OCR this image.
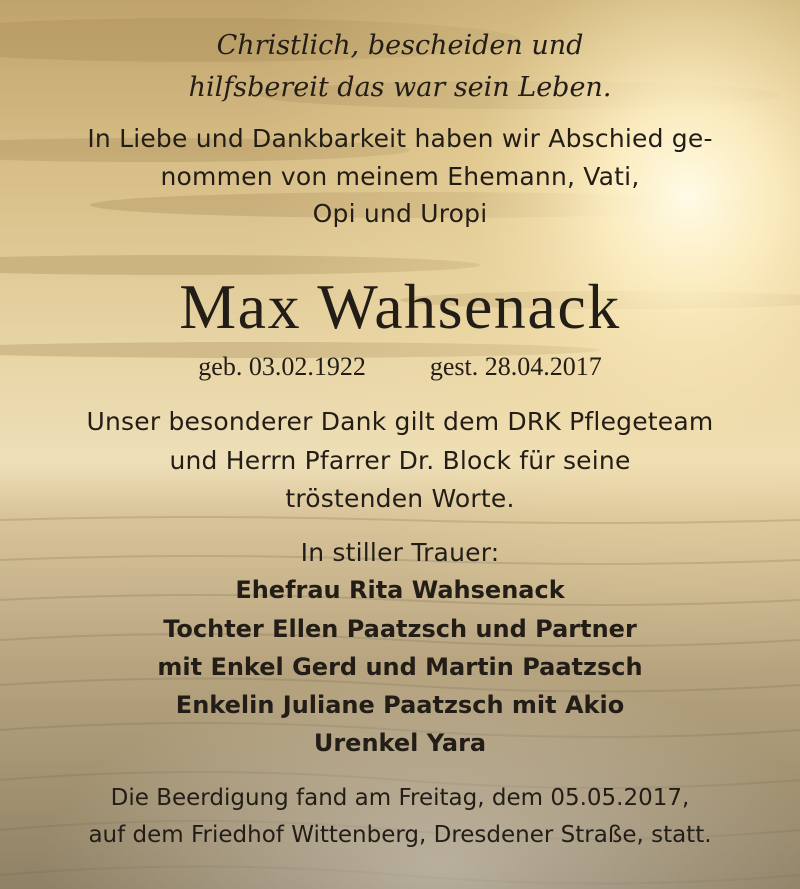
Christlich, bescheiden und
hilfsbereit das war sein Leben.
In Liebe und Dankbarkeit haben wir Abschied ge-
nommen von meinem Ehemann, Vati,
Opi und Uropi
Max Wahsenack
geb. 03.02.1922 gest. 28.04.2017
Unser besonderer Dank gilt dem DRK Pflegeteam
und Herrn Pfarrer Dr. Block für seine
tröstenden Worte.
In stiller Trauer:
Ehefrau Rita Wahsenack
Tochter Ellen Paatzsch und Partner
mit Enkel Gerd und Martin Paatzsch
Enkelin Juliane Paatzsch mit Akio
Urenkel Yara
Die Beerdigung fand am Freitag, dem 05.05.2017,
auf dem Friedhof Wittenberg, Dresdener Straße, statt.
